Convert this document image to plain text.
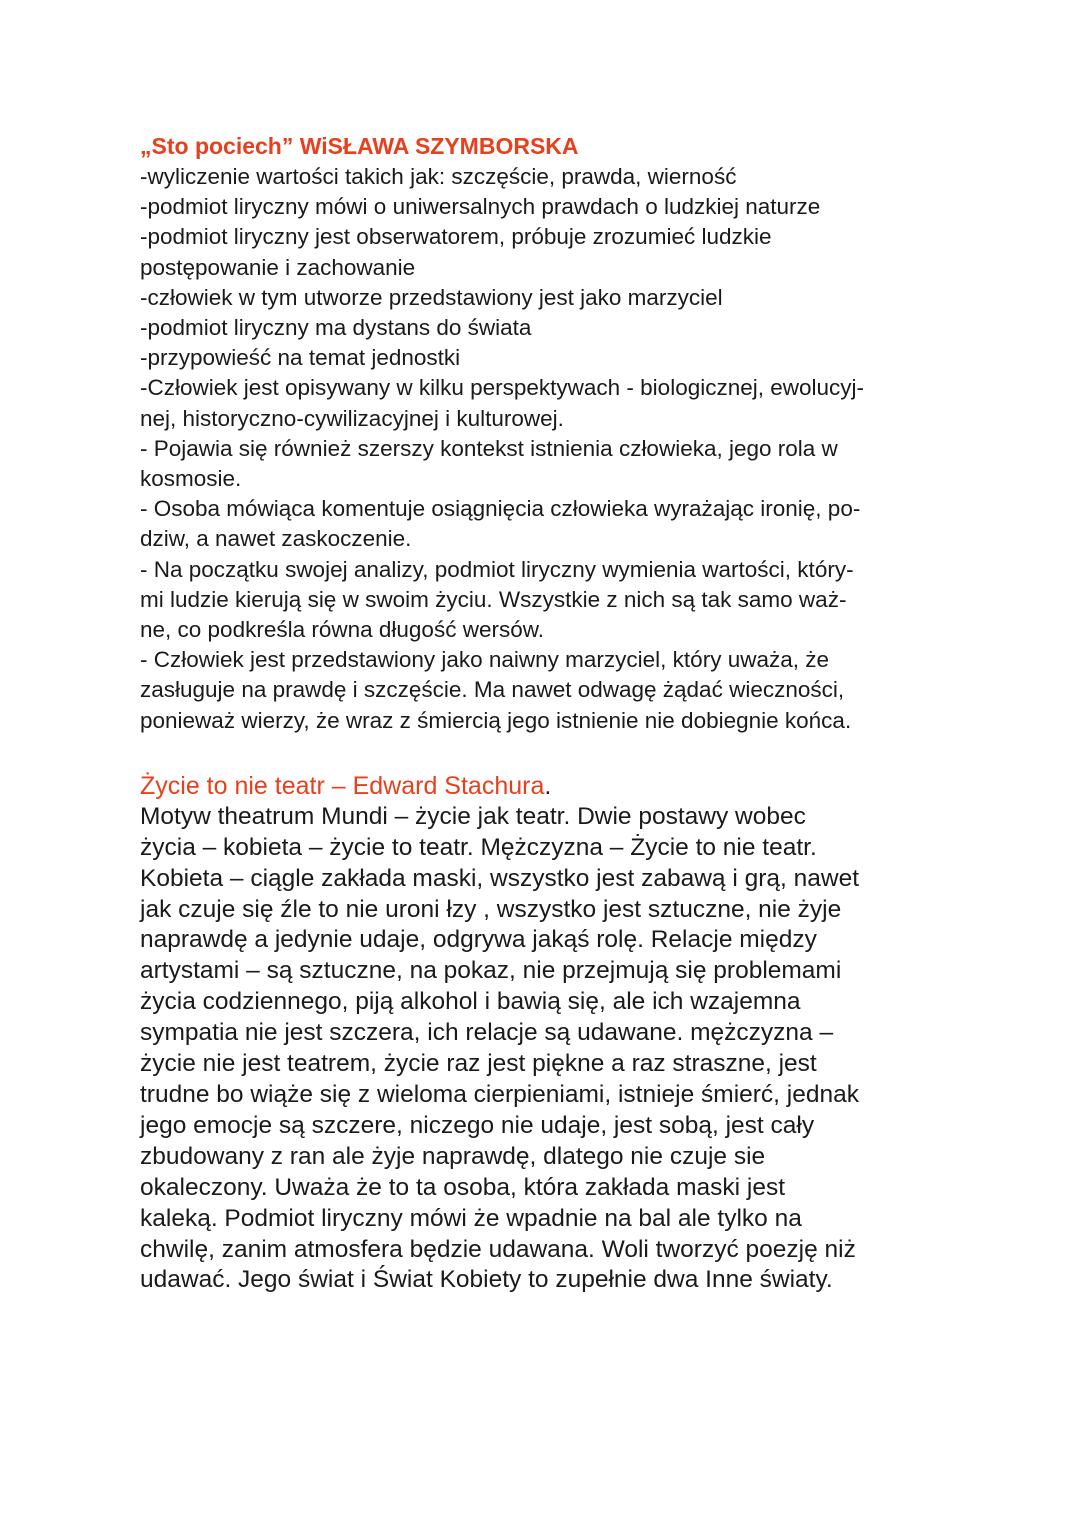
„Sto pociech” WiSŁAWA SZYMBORSKA
-wyliczenie wartości takich jak: szczęście, prawda, wierność
-podmiot liryczny mówi o uniwersalnych prawdach o ludzkiej naturze
-podmiot liryczny jest obserwatorem, próbuje zrozumieć ludzkie
postępowanie i zachowanie
-człowiek w tym utworze przedstawiony jest jako marzyciel
-podmiot liryczny ma dystans do świata
-przypowieść na temat jednostki
-Człowiek jest opisywany w kilku perspektywach - biologicznej, ewolucyj-
nej, historyczno-cywilizacyjnej i kulturowej.
- Pojawia się również szerszy kontekst istnienia człowieka, jego rola w
kosmosie.
- Osoba mówiąca komentuje osiągnięcia człowieka wyrażając ironię, po-
dziw, a nawet zaskoczenie.
- Na początku swojej analizy, podmiot liryczny wymienia wartości, który-
mi ludzie kierują się w swoim życiu. Wszystkie z nich są tak samo waż-
ne, co podkreśla równa długość wersów.
- Człowiek jest przedstawiony jako naiwny marzyciel, który uważa, że
zasługuje na prawdę i szczęście. Ma nawet odwagę żądać wieczności,
ponieważ wierzy, że wraz z śmiercią jego istnienie nie dobiegnie końca.
Życie to nie teatr – Edward Stachura.
Motyw theatrum Mundi – życie jak teatr. Dwie postawy wobec
życia – kobieta – życie to teatr. Mężczyzna – Życie to nie teatr.
Kobieta – ciągle zakłada maski, wszystko jest zabawą i grą, nawet
jak czuje się źle to nie uroni łzy , wszystko jest sztuczne, nie żyje
naprawdę a jedynie udaje, odgrywa jakąś rolę. Relacje między
artystami – są sztuczne, na pokaz, nie przejmują się problemami
życia codziennego, piją alkohol i bawią się, ale ich wzajemna
sympatia nie jest szczera, ich relacje są udawane. mężczyzna –
życie nie jest teatrem, życie raz jest piękne a raz straszne, jest
trudne bo wiąże się z wieloma cierpieniami, istnieje śmierć, jednak
jego emocje są szczere, niczego nie udaje, jest sobą, jest cały
zbudowany z ran ale żyje naprawdę, dlatego nie czuje sie
okaleczony. Uważa że to ta osoba, która zakłada maski jest
kaleką. Podmiot liryczny mówi że wpadnie na bal ale tylko na
chwilę, zanim atmosfera będzie udawana. Woli tworzyć poezję niż
udawać. Jego świat i Świat Kobiety to zupełnie dwa Inne światy.
